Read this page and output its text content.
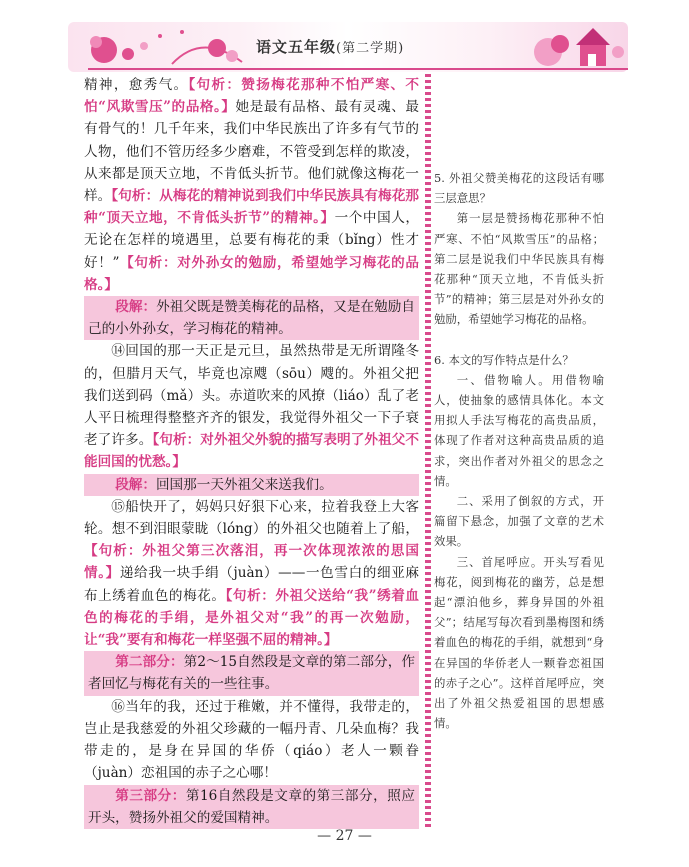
语文五年级(第二学期)

精神，愈秀气。【句析：赞扬梅花那种不怕严寒、不怕“风欺雪压”的品格。】她是最有品格、最有灵魂、最有骨气的！几千年来，我们中华民族出了许多有气节的人物，他们不管历经多少磨难，不管受到怎样的欺凌，从来都是顶天立地，不肯低头折节。他们就像这梅花一样。【句析：从梅花的精神说到我们中华民族具有梅花那种“顶天立地，不肯低头折节”的精神。】一个中国人，无论在怎样的境遇里，总要有梅花的秉（bǐng）性才好！”【句析：对外孙女的勉励，希望她学习梅花的品格。】

段解：外祖父既是赞美梅花的品格，又是在勉励自己的小外孙女，学习梅花的精神。

⑭回国的那一天正是元旦，虽然热带是无所谓隆冬的，但腊月天气，毕竟也凉飕（sōu）飕的。外祖父把我们送到码（mǎ）头。赤道吹来的风撩（liáo）乱了老人平日梳理得整整齐齐的银发，我觉得外祖父一下子衰老了许多。【句析：对外祖父外貌的描写表明了外祖父不能回国的忧愁。】

段解：回国那一天外祖父来送我们。

⑮船快开了，妈妈只好狠下心来，拉着我登上大客轮。想不到泪眼蒙眬（lóng）的外祖父也随着上了船，【句析：外祖父第三次落泪，再一次体现浓浓的思国情。】递给我一块手绢（juàn）——一色雪白的细亚麻布上绣着血色的梅花。【句析：外祖父送给“我”绣着血色的梅花的手绢，是外祖父对“我”的再一次勉励，让“我”要有和梅花一样坚强不屈的精神。】

第二部分：第2～15自然段是文章的第二部分，作者回忆与梅花有关的一些往事。

⑯当年的我，还过于稚嫩，并不懂得，我带走的，岂止是我慈爱的外祖父珍藏的一幅丹青、几朵血梅？我带走的，是身在异国的华侨（qiáo）老人一颗眷（juàn）恋祖国的赤子之心哪！

第三部分：第16自然段是文章的第三部分，照应开头，赞扬外祖父的爱国精神。

5. 外祖父赞美梅花的这段话有哪三层意思？

第一层是赞扬梅花那种不怕严寒、不怕“风欺雪压”的品格；第二层是说我们中华民族具有梅花那种“顶天立地，不肯低头折节”的精神；第三层是对外孙女的勉励，希望她学习梅花的品格。

6. 本文的写作特点是什么？

一、借物喻人。用借物喻人，使抽象的感情具体化。本文用拟人手法写梅花的高贵品质，体现了作者对这种高贵品质的追求，突出作者对外祖父的思念之情。

二、采用了倒叙的方式，开篇留下悬念，加强了文章的艺术效果。

三、首尾呼应。开头写看见梅花，阅到梅花的幽芳，总是想起“漂泊他乡，葬身异国的外祖父”；结尾写每次看到墨梅图和绣着血色的梅花的手绢，就想到“身在异国的华侨老人一颗眷恋祖国的赤子之心”。这样首尾呼应，突出了外祖父热爱祖国的思想感情。

— 27 —
